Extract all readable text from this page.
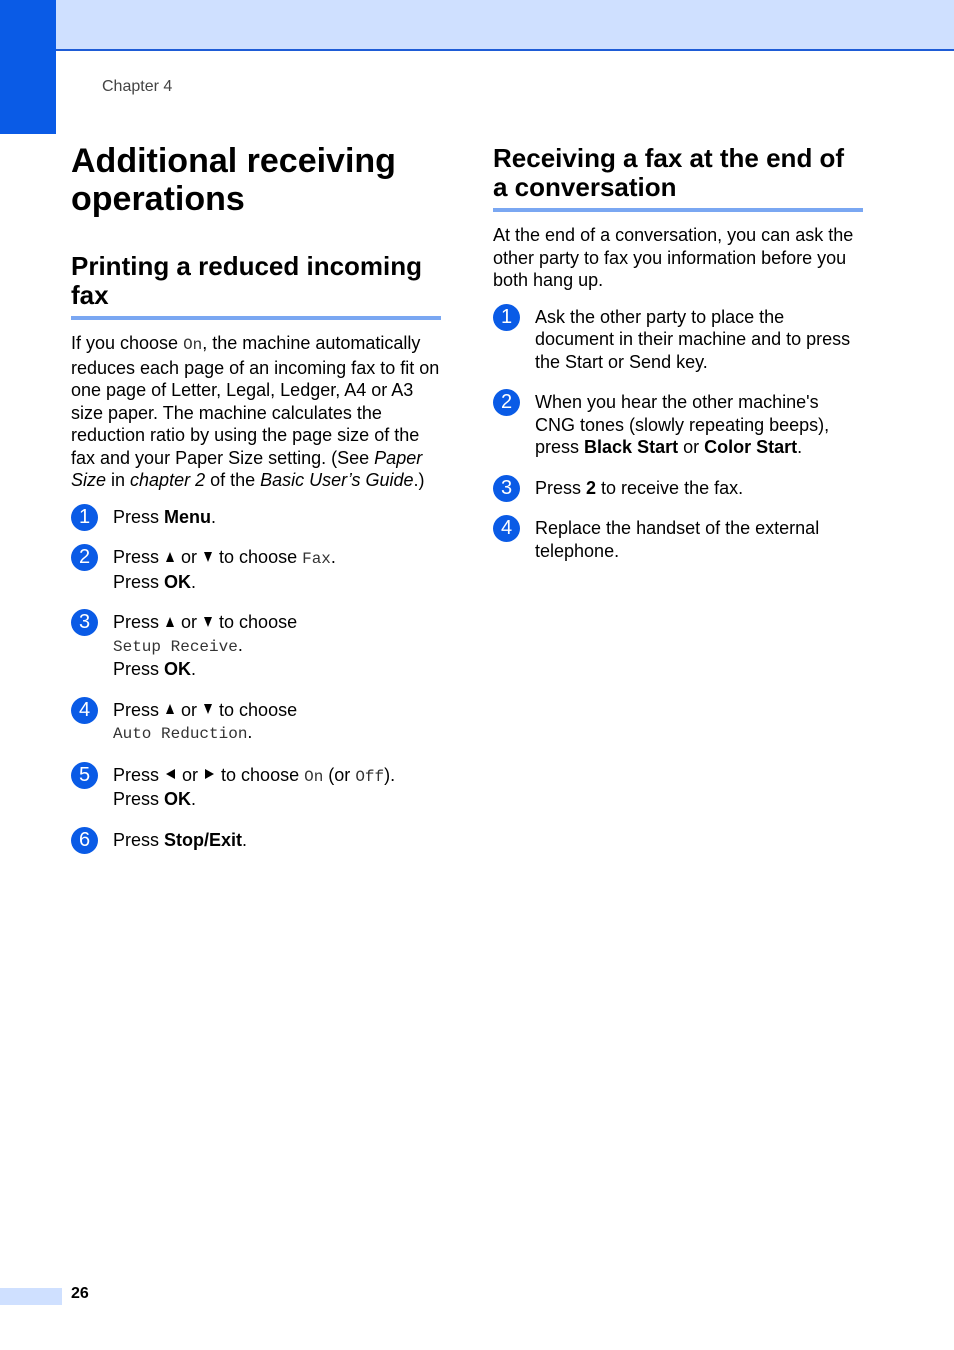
Chapter 4
Additional receiving operations
Printing a reduced incoming fax

If you choose On, the machine automatically reduces each page of an incoming fax to fit on one page of Letter, Legal, Ledger, A4 or A3 size paper. The machine calculates the reduction ratio by using the page size of the fax and your Paper Size setting. (See Paper Size in chapter 2 of the Basic User’s Guide.)

1	Press Menu.
2	Press  or  to choose Fax.
Press OK.
3	Press  or  to choose
Setup Receive.
Press OK.
4	Press  or  to choose
Auto Reduction.
5	Press  or  to choose On (or Off).
Press OK.
6	Press Stop/Exit.
Receiving a fax at the end of a conversation

At the end of a conversation, you can ask the other party to fax you information before you both hang up.

1	Ask the other party to place the document in their machine and to press the Start or Send key.
2	When you hear the other machine's CNG tones (slowly repeating beeps), press Black Start or Color Start.
3	Press 2 to receive the fax.
4	Replace the handset of the external telephone.
26
